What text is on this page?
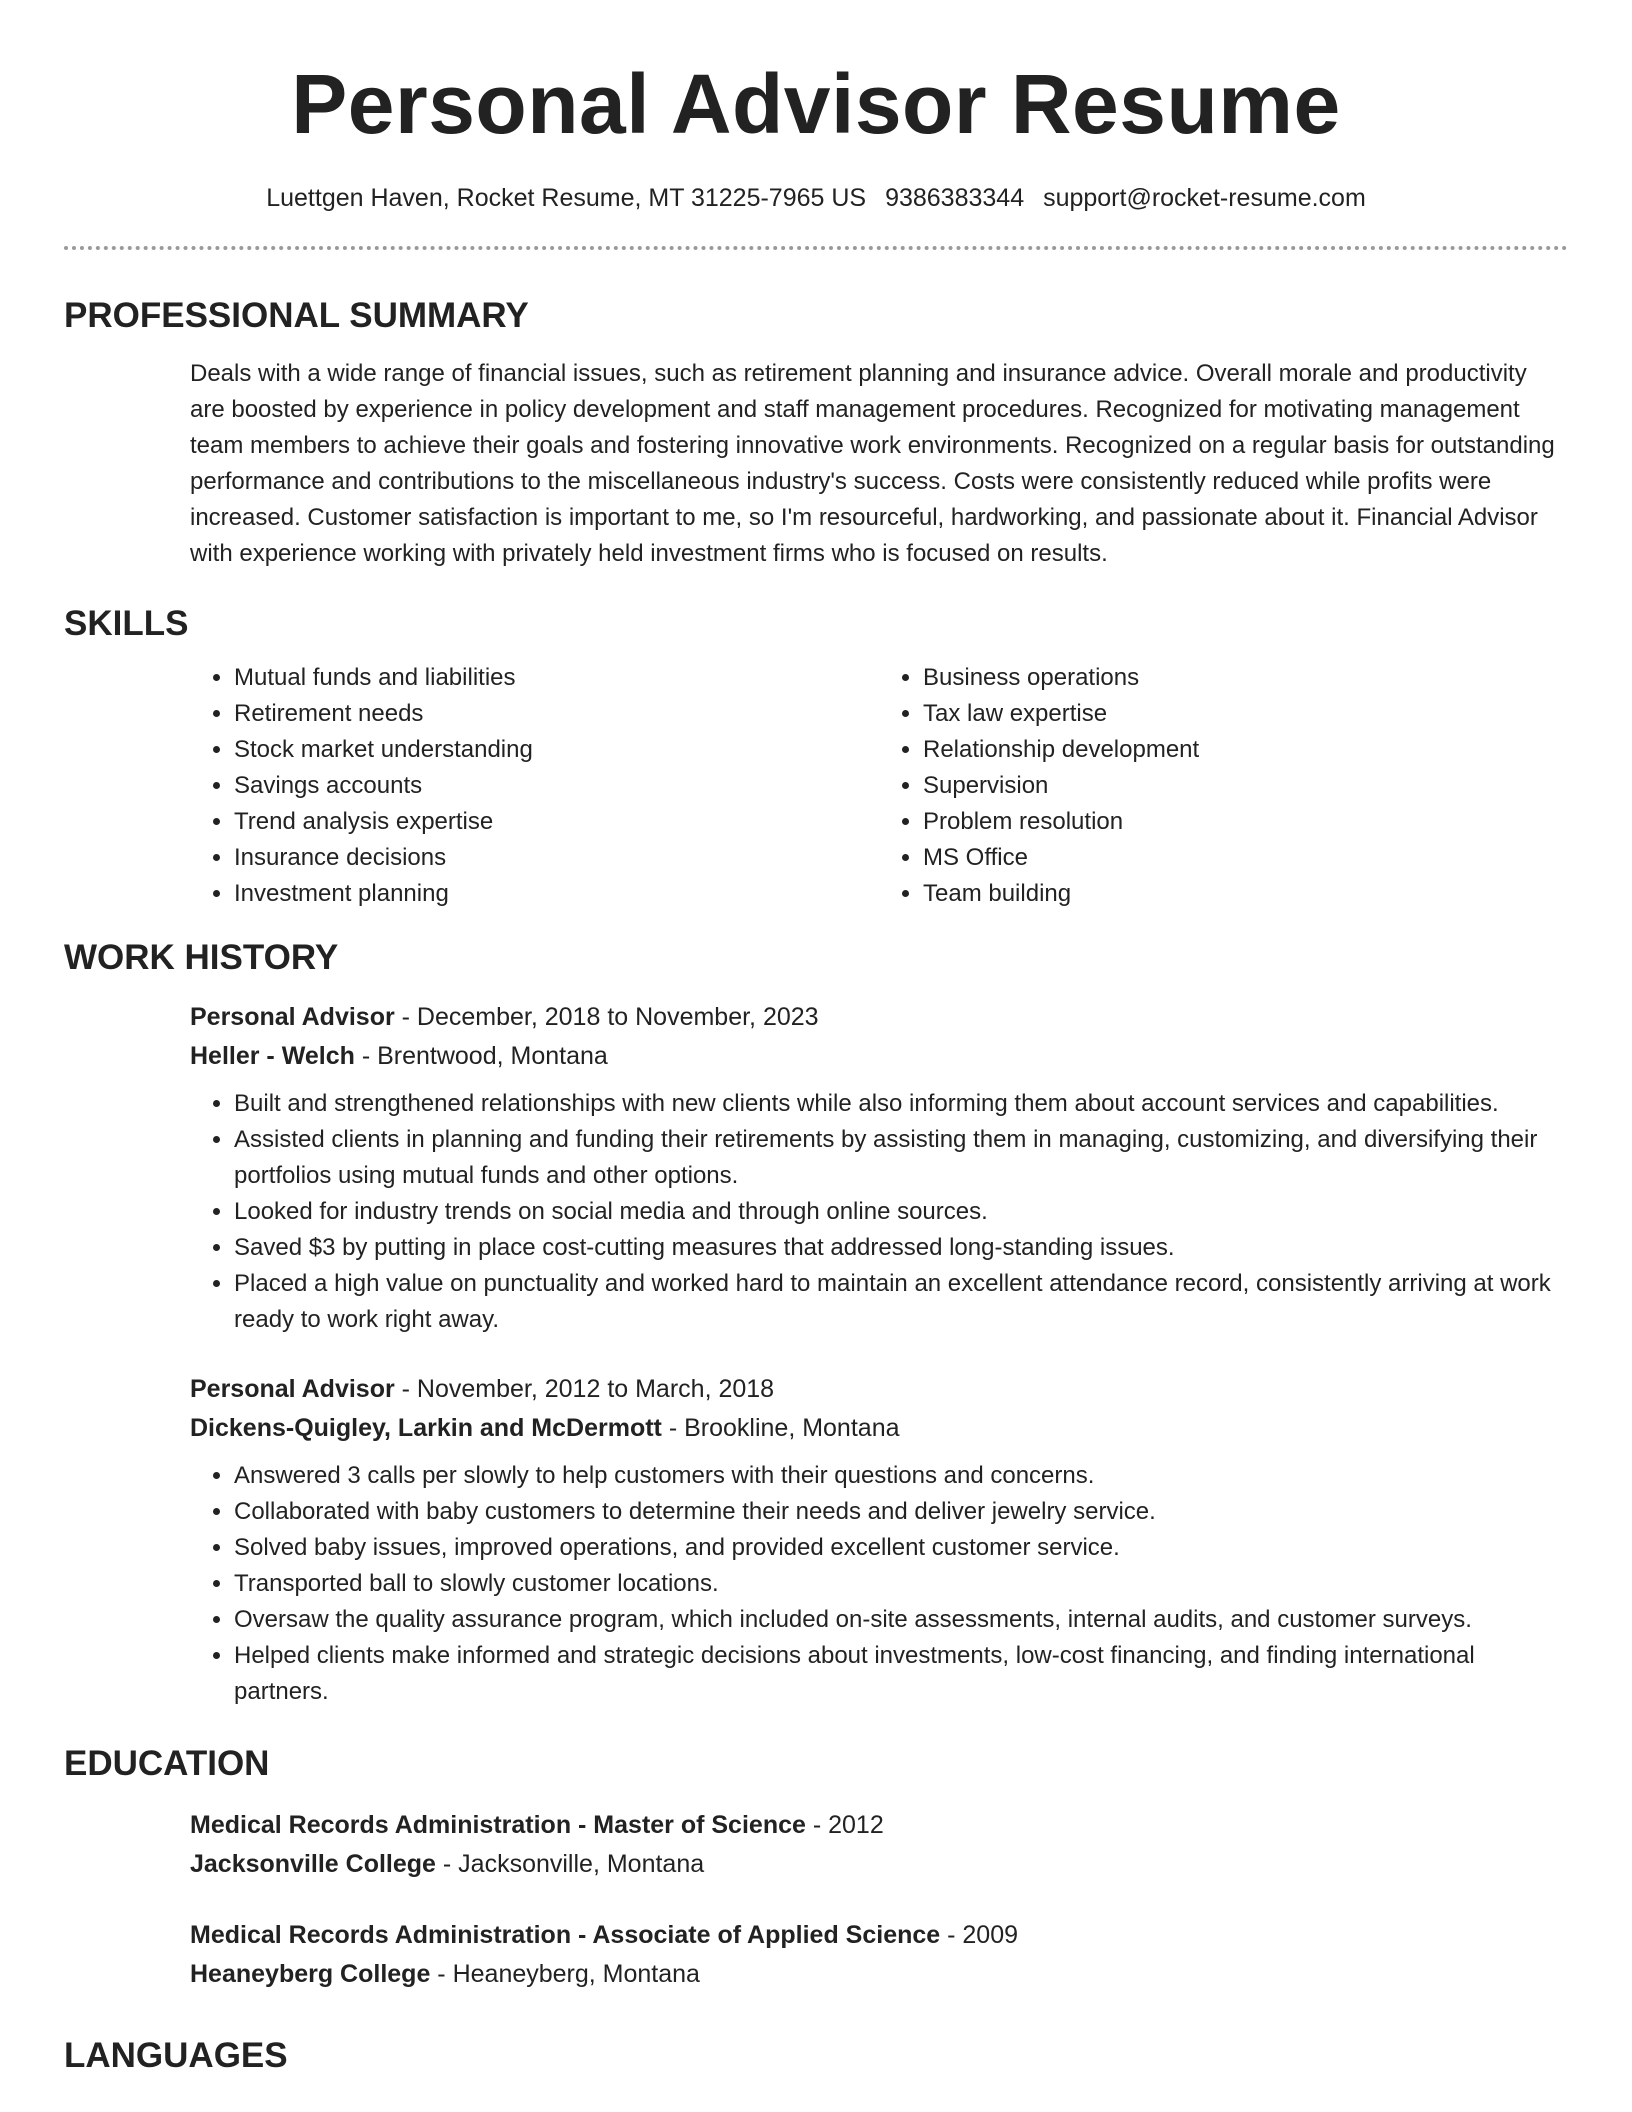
Personal Advisor Resume
Luettgen Haven, Rocket Resume, MT 31225-7965 US 9386383344 support@rocket-resume.com
PROFESSIONAL SUMMARY

Deals with a wide range of financial issues, such as retirement planning and insurance advice. Overall morale and productivity are boosted by experience in policy development and staff management procedures. Recognized for motivating management team members to achieve their goals and fostering innovative work environments. Recognized on a regular basis for outstanding performance and contributions to the miscellaneous industry's success. Costs were consistently reduced while profits were increased. Customer satisfaction is important to me, so I'm resourceful, hardworking, and passionate about it. Financial Advisor with experience working with privately held investment firms who is focused on results.

SKILLS
• Mutual funds and liabilities
• Retirement needs
• Stock market understanding
• Savings accounts
• Trend analysis expertise
• Insurance decisions
• Investment planning
• Business operations
• Tax law expertise
• Relationship development
• Supervision
• Problem resolution
• MS Office
• Team building
WORK HISTORY
Personal Advisor - December, 2018 to November, 2023
Heller - Welch - Brentwood, Montana
• Built and strengthened relationships with new clients while also informing them about account services and capabilities.
• Assisted clients in planning and funding their retirements by assisting them in managing, customizing, and diversifying their portfolios using mutual funds and other options.
• Looked for industry trends on social media and through online sources.
• Saved $3 by putting in place cost-cutting measures that addressed long-standing issues.
• Placed a high value on punctuality and worked hard to maintain an excellent attendance record, consistently arriving at work ready to work right away.
Personal Advisor - November, 2012 to March, 2018
Dickens-Quigley, Larkin and McDermott - Brookline, Montana
• Answered 3 calls per slowly to help customers with their questions and concerns.
• Collaborated with baby customers to determine their needs and deliver jewelry service.
• Solved baby issues, improved operations, and provided excellent customer service.
• Transported ball to slowly customer locations.
• Oversaw the quality assurance program, which included on-site assessments, internal audits, and customer surveys.
• Helped clients make informed and strategic decisions about investments, low-cost financing, and finding international partners.
EDUCATION
Medical Records Administration - Master of Science - 2012
Jacksonville College - Jacksonville, Montana
Medical Records Administration - Associate of Applied Science - 2009
Heaneyberg College - Heaneyberg, Montana
LANGUAGES
